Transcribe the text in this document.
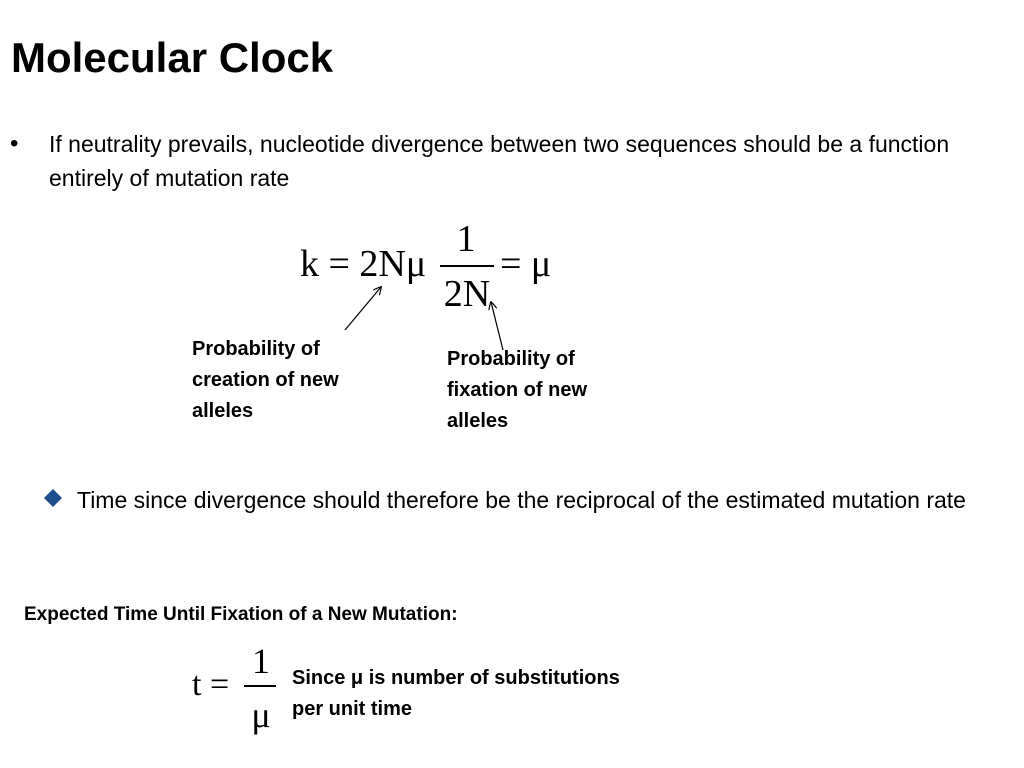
Molecular Clock
• If neutrality prevails, nucleotide divergence between two sequences should be a function entirely of mutation rate
k = 2Nμ
1
2N
= μ
Probability of creation of new alleles
Probability of fixation of new alleles
Time since divergence should therefore be the reciprocal of the estimated mutation rate
Expected Time Until Fixation of a New Mutation:
t =
1
μ
Since μ is number of substitutions per unit time
